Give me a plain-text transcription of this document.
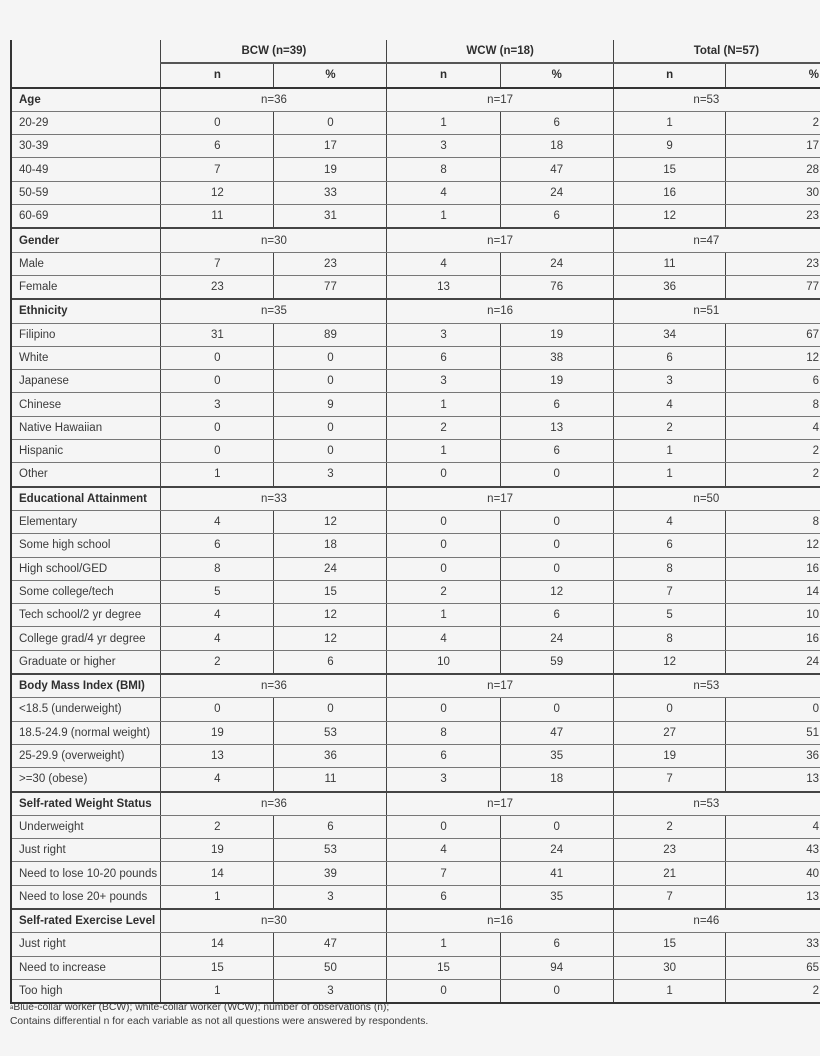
	BCW (n=39)		WCW (n=18)		Total (N=57)	
	n	%	n	%	n	%
Age	n=36		n=17		n=53	
20-29	0	0	1	6	1	2
30-39	6	17	3	18	9	17
40-49	7	19	8	47	15	28
50-59	12	33	4	24	16	30
60-69	11	31	1	6	12	23
Gender	n=30		n=17		n=47	
Male	7	23	4	24	11	23
Female	23	77	13	76	36	77
Ethnicity	n=35		n=16		n=51	
Filipino	31	89	3	19	34	67
White	0	0	6	38	6	12
Japanese	0	0	3	19	3	6
Chinese	3	9	1	6	4	8
Native Hawaiian	0	0	2	13	2	4
Hispanic	0	0	1	6	1	2
Other	1	3	0	0	1	2
Educational Attainment	n=33		n=17		n=50	
Elementary	4	12	0	0	4	8
Some high school	6	18	0	0	6	12
High school/GED	8	24	0	0	8	16
Some college/tech	5	15	2	12	7	14
Tech school/2 yr degree	4	12	1	6	5	10
College grad/4 yr degree	4	12	4	24	8	16
Graduate or higher	2	6	10	59	12	24
Body Mass Index (BMI)	n=36		n=17		n=53	
<18.5 (underweight)	0	0	0	0	0	0
18.5-24.9 (normal weight)	19	53	8	47	27	51
25-29.9 (overweight)	13	36	6	35	19	36
>=30 (obese)	4	11	3	18	7	13
Self-rated Weight Status	n=36		n=17		n=53	
Underweight	2	6	0	0	2	4
Just right	19	53	4	24	23	43
Need to lose 10-20 pounds	14	39	7	41	21	40
Need to lose 20+ pounds	1	3	6	35	7	13
Self-rated Exercise Level	n=30		n=16		n=46	
Just right	14	47	1	6	15	33
Need to increase	15	50	15	94	30	65
Too high	1	3	0	0	1	2
$^a$Blue-collar worker (BCW); white-collar worker (WCW); number of observations (n);
Contains differential n for each variable as not all questions were answered by respondents.
